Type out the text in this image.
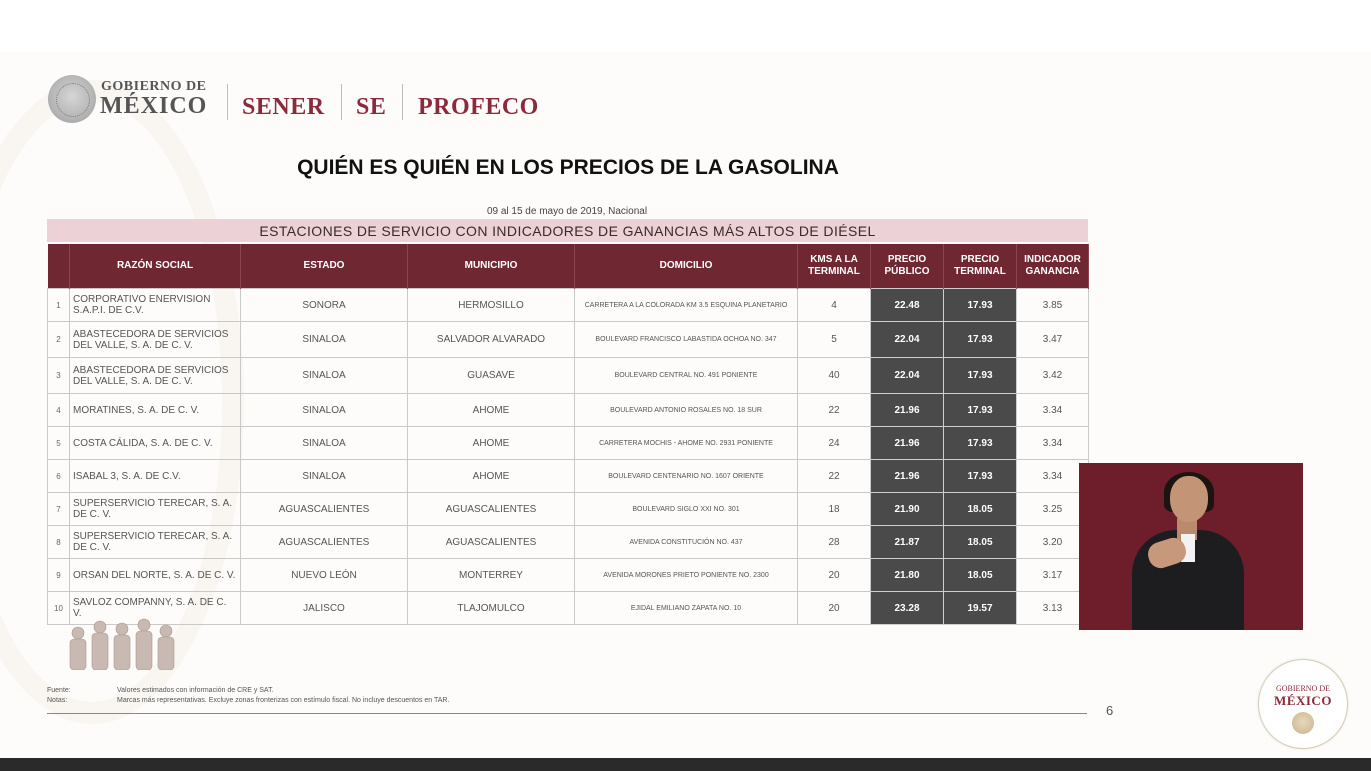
GOBIERNO DE
MÉXICO SENER SE PROFECO
QUIÉN ES QUIÉN EN LOS PRECIOS DE LA GASOLINA
09 al 15 de mayo de 2019, Nacional
ESTACIONES DE SERVICIO CON INDICADORES DE GANANCIAS MÁS ALTOS DE DIÉSEL
	RAZÓN SOCIAL	ESTADO	MUNICIPIO	DOMICILIO	KMS A LA TERMINAL	PRECIO PÚBLICO	PRECIO TERMINAL	INDICADOR GANANCIA
1	CORPORATIVO ENERVISION S.A.P.I. DE C.V.	SONORA	HERMOSILLO	CARRETERA A LA COLORADA KM 3.5 ESQUINA PLANETARIO	4	22.48	17.93	3.85
2	ABASTECEDORA DE SERVICIOS DEL VALLE, S. A. DE C. V.	SINALOA	SALVADOR ALVARADO	BOULEVARD FRANCISCO LABASTIDA OCHOA NO. 347	5	22.04	17.93	3.47
3	ABASTECEDORA DE SERVICIOS DEL VALLE, S. A. DE C. V.	SINALOA	GUASAVE	BOULEVARD CENTRAL NO. 491 PONIENTE	40	22.04	17.93	3.42
4	MORATINES, S. A. DE C. V.	SINALOA	AHOME	BOULEVARD ANTONIO ROSALES NO. 18 SUR	22	21.96	17.93	3.34
5	COSTA CÁLIDA, S. A. DE C. V.	SINALOA	AHOME	CARRETERA MOCHIS - AHOME NO. 2931 PONIENTE	24	21.96	17.93	3.34
6	ISABAL 3, S. A. DE C.V.	SINALOA	AHOME	BOULEVARD CENTENARIO NO. 1607 ORIENTE	22	21.96	17.93	3.34
7	SUPERSERVICIO TERECAR, S. A. DE C. V.	AGUASCALIENTES	AGUASCALIENTES	BOULEVARD SIGLO XXI NO. 301	18	21.90	18.05	3.25
8	SUPERSERVICIO TERECAR, S. A. DE C. V.	AGUASCALIENTES	AGUASCALIENTES	AVENIDA CONSTITUCIÓN NO. 437	28	21.87	18.05	3.20
9	ORSAN DEL NORTE, S. A. DE C. V.	NUEVO LEÓN	MONTERREY	AVENIDA MORONES PRIETO PONIENTE NO. 2300	20	21.80	18.05	3.17
10	SAVLOZ COMPANNY, S. A. DE C. V.	JALISCO	TLAJOMULCO	EJIDAL EMILIANO ZAPATA NO. 10	20	23.28	19.57	3.13
Fuente:	Valores estimados con información de CRE y SAT.
Notas:	Marcas más representativas. Excluye zonas fronterizas con estímulo fiscal. No incluye descuentos en TAR.
6
GOBIERNO DE
MÉXICO
